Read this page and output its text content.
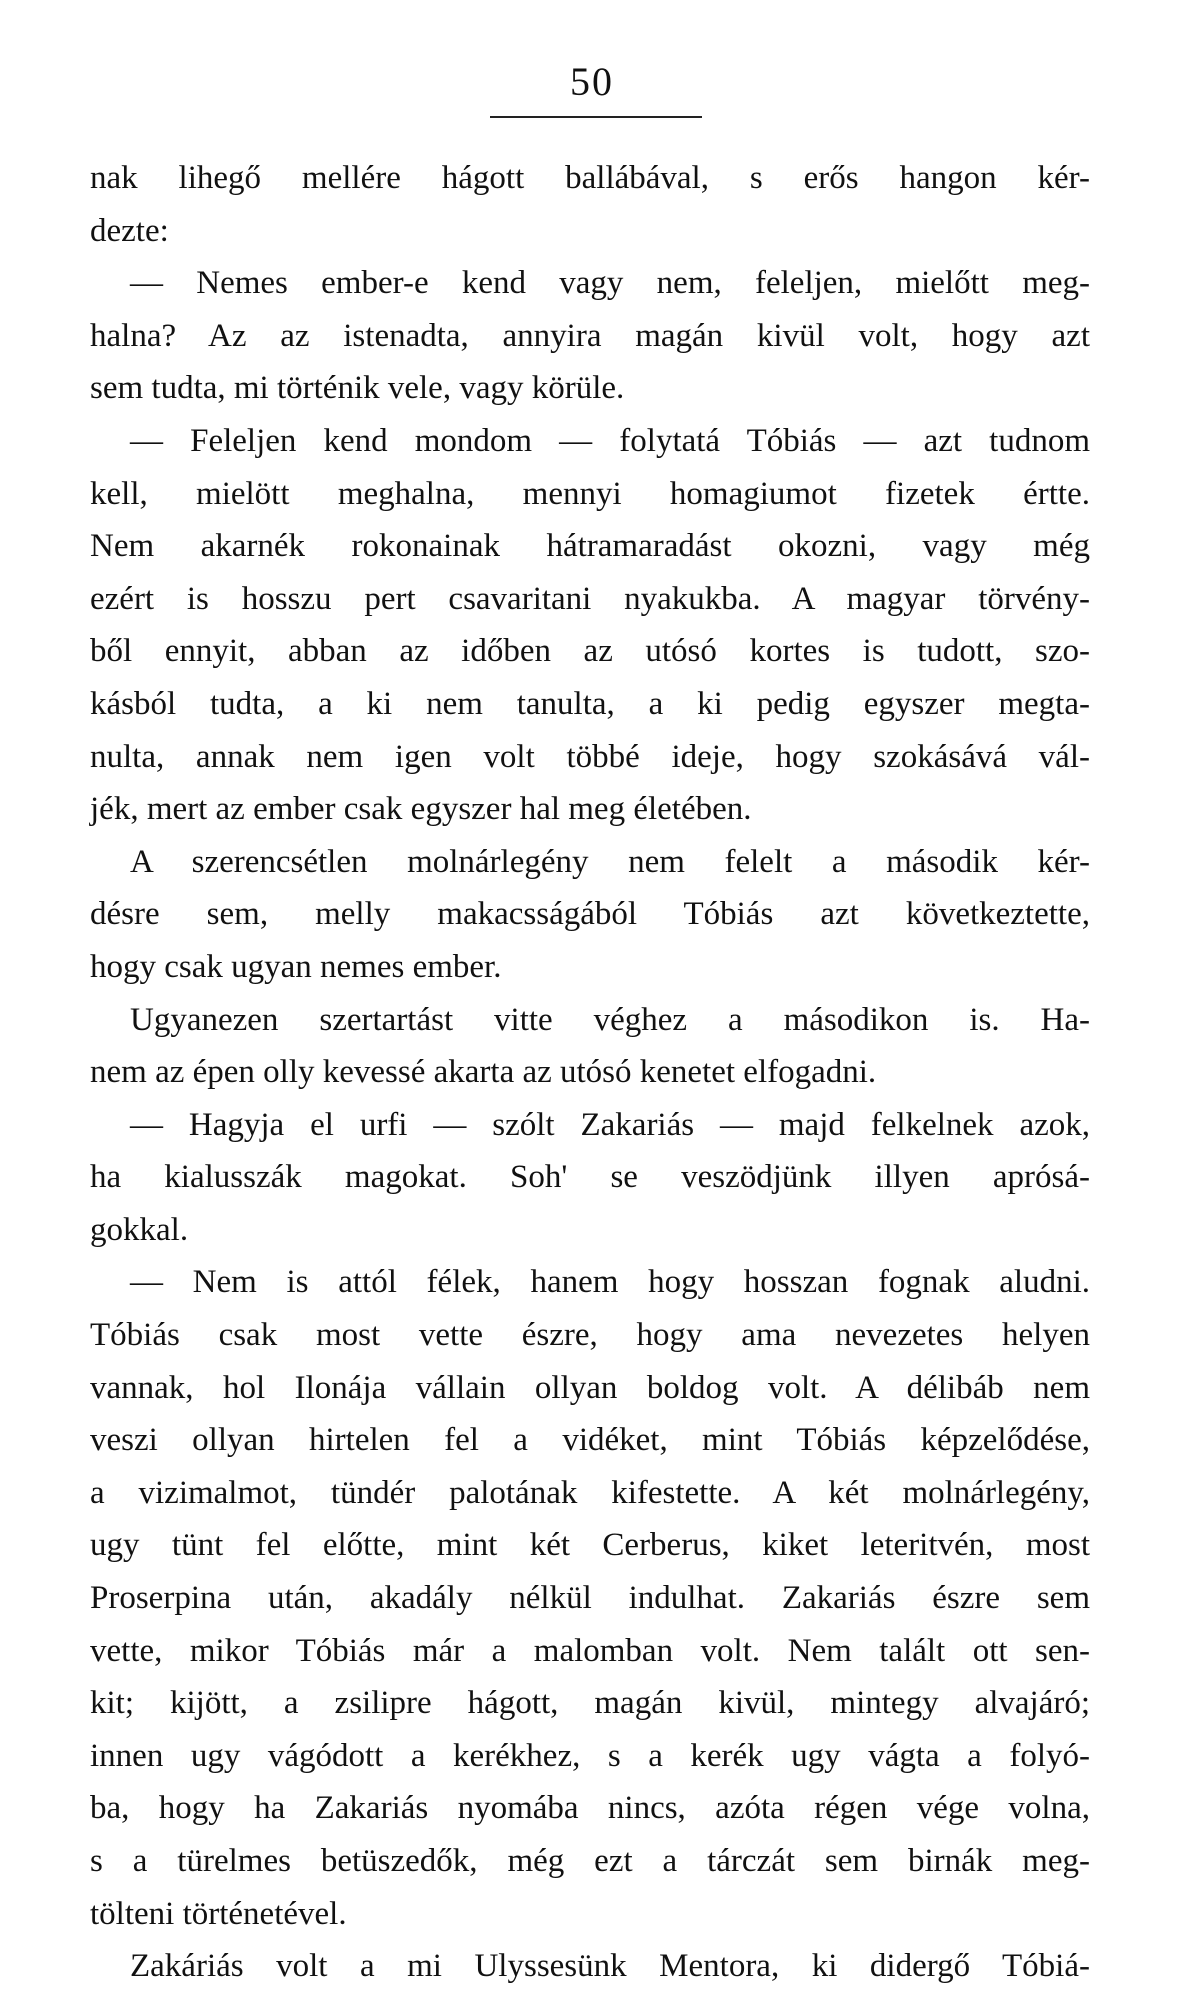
50
nak lihegő mellére hágott ballábával, s erős hangon kér-
dezte:
— Nemes ember-e kend vagy nem, feleljen, mielőtt meg-
halna? Az az istenadta, annyira magán kivül volt, hogy azt
sem tudta, mi történik vele, vagy körüle.
— Feleljen kend mondom — folytatá Tóbiás — azt tudnom
kell, mielött meghalna, mennyi homagiumot fizetek értte.
Nem akarnék rokonainak hátramaradást okozni, vagy még
ezért is hosszu pert csavaritani nyakukba. A magyar törvény-
ből ennyit, abban az időben az utósó kortes is tudott, szo-
kásból tudta, a ki nem tanulta, a ki pedig egyszer megta-
nulta, annak nem igen volt többé ideje, hogy szokásává vál-
jék, mert az ember csak egyszer hal meg életében.
A szerencsétlen molnárlegény nem felelt a második kér-
désre sem, melly makacsságából Tóbiás azt következtette,
hogy csak ugyan nemes ember.
Ugyanezen szertartást vitte véghez a másodikon is. Ha-
nem az épen olly kevessé akarta az utósó kenetet elfogadni.
— Hagyja el urfi — szólt Zakariás — majd felkelnek azok,
ha kialusszák magokat. Soh' se veszödjünk illyen aprósá-
gokkal.
— Nem is attól félek, hanem hogy hosszan fognak aludni.
Tóbiás csak most vette észre, hogy ama nevezetes helyen
vannak, hol Ilonája vállain ollyan boldog volt. A délibáb nem
veszi ollyan hirtelen fel a vidéket, mint Tóbiás képzelődése,
a vizimalmot, tündér palotának kifestette. A két molnárlegény,
ugy tünt fel előtte, mint két Cerberus, kiket leteritvén, most
Proserpina után, akadály nélkül indulhat. Zakariás észre sem
vette, mikor Tóbiás már a malomban volt. Nem talált ott sen-
kit; kijött, a zsilipre hágott, magán kivül, mintegy alvajáró;
innen ugy vágódott a kerékhez, s a kerék ugy vágta a folyó-
ba, hogy ha Zakariás nyomába nincs, azóta régen vége volna,
s a türelmes betüszedők, még ezt a tárczát sem birnák meg-
tölteni történetével.
Zakáriás volt a mi Ulyssesünk Mentora, ki didergő Tóbiá-
